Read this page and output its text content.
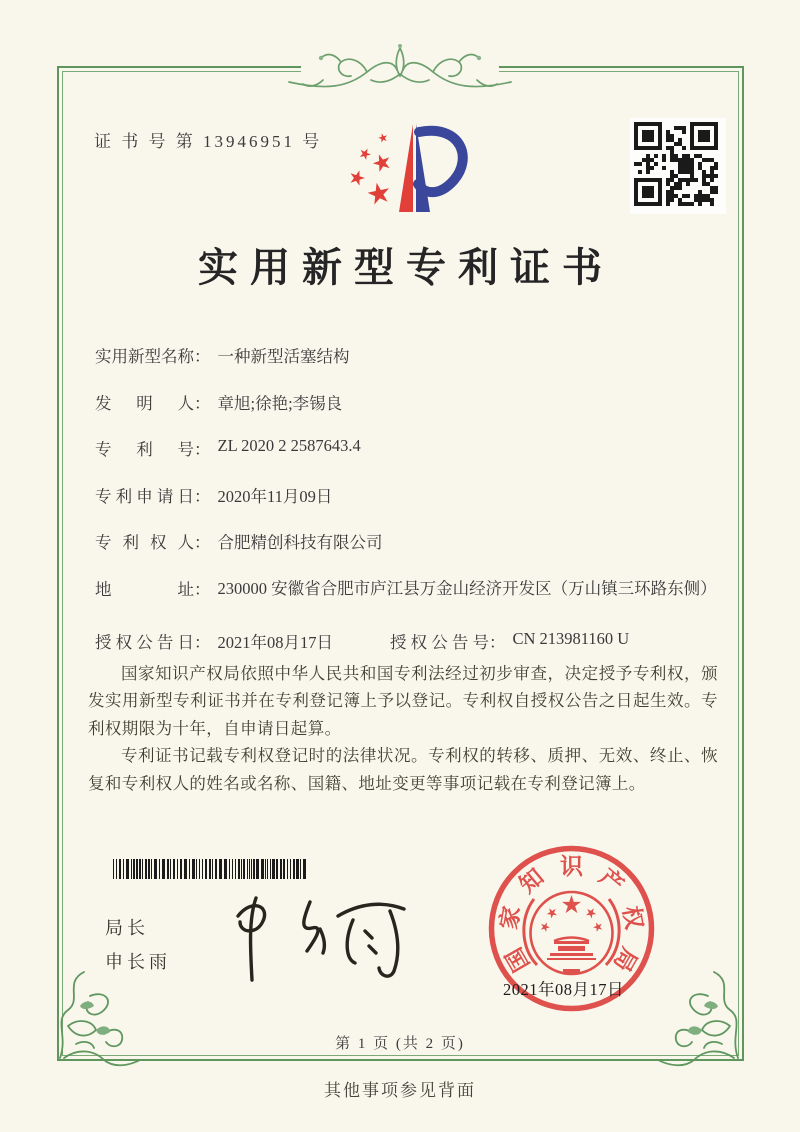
证 书 号 第 13946951 号
实用新型专利证书
实用新型名称： 一种新型活塞结构
发明人： 章旭;徐艳;李锡良
专利号： ZL 2020 2 2587643.4
专利申请日： 2020年11月09日
专利权人： 合肥精创科技有限公司
地址： 230000 安徽省合肥市庐江县万金山经济开发区（万山镇三环路东侧）
授权公告日： 2021年08月17日	授权公告号： CN 213981160 U

国家知识产权局依照中华人民共和国专利法经过初步审查，决定授予专利权，颁发实用新型专利证书并在专利登记簿上予以登记。专利权自授权公告之日起生效。专利权期限为十年，自申请日起算。

专利证书记载专利权登记时的法律状况。专利权的转移、质押、无效、终止、恢复和专利权人的姓名或名称、国籍、地址变更等事项记载在专利登记簿上。

局长
申长雨	国
家
知 识 产
权
局
2021年08月17日
第 1 页 (共 2 页)
其他事项参见背面
